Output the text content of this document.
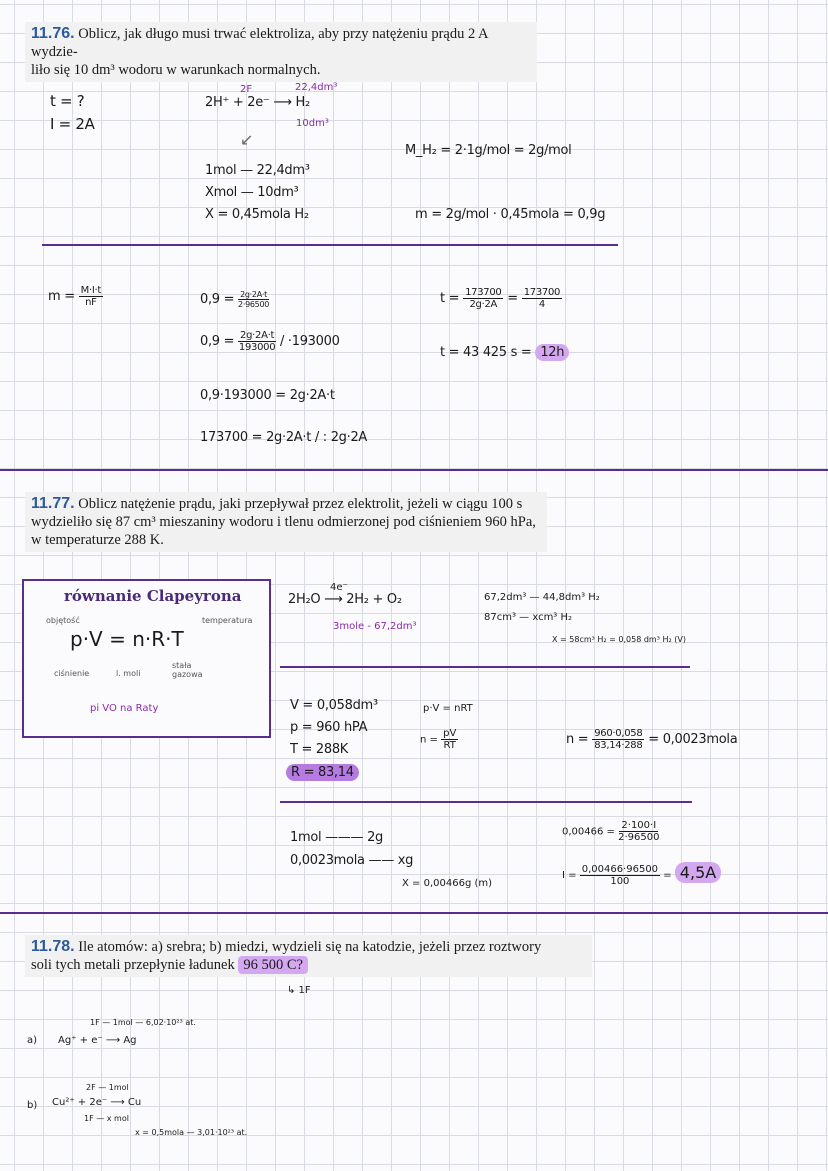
11.76. Oblicz, jak długo musi trwać elektroliza, aby przy natężeniu prądu 2 A wydzie-
liło się 10 dm³ wodoru w warunkach normalnych.
t = ?
I = 2A
2F	22,4dm³
2H⁺ + 2e⁻ ⟶ H₂
10dm³
↙
1mol — 22,4dm³
Xmol — 10dm³
X = 0,45mola H₂
M_H₂ = 2·1g/mol = 2g/mol
m = 2g/mol · 0,45mola = 0,9g
$m = \frac{M\cdot I\cdot t}{nF}$	$0,9 = \frac{2g\cdot 2A\cdot t}{2\cdot 96500}$
$0,9 = \frac{2g\cdot 2A\cdot t}{193000} / \cdot 193000$
0,9·193000 = 2g·2A·t
173700 = 2g·2A·t / : 2g·2A
$t = \frac{173700}{2g\cdot 2A} = \frac{173700}{4}$
t = 43 425 s = 12h
11.77. Oblicz natężenie prądu, jaki przepływał przez elektrolit, jeżeli w ciągu 100 s
wydzieliło się 87 cm³ mieszaniny wodoru i tlenu odmierzonej pod ciśnieniem 960 hPa,
w temperaturze 288 K.
równanie Clapeyrona
objętość	temperatura
p·V = n·R·T
ciśnienie	l. moli
stała gazowa
pi VO na Raty
4e⁻
2H₂O ⟶ 2H₂ + O₂
3mole - 67,2dm³
67,2dm³ — 44,8dm³ H₂
87cm³ — xcm³ H₂
X = 58cm³ H₂ = 0,058 dm³ H₂ (V)
V = 0,058dm³
p = 960 hPA
T = 288K
R = 83,14
p·V = nRT
$n = \frac{pV}{RT}$	$n = \frac{960\cdot 0,058}{83,14\cdot 288}$ = 0,0023mola
1mol ——— 2g
0,0023mola —— xg
X = 0,00466g (m)
$0,00466 = \frac{2\cdot 100\cdot I}{2\cdot 96500}$
$I = \frac{0,00466\cdot 96500}{100} = 4,5A$
11.78. Ile atomów: a) srebra; b) miedzi, wydzieli się na katodzie, jeżeli przez roztwory
soli tych metali przepłynie ładunek 96 500 C?
↳ 1F
a)
1F — 1mol — 6,02·10²³ at.
Ag⁺ + e⁻ ⟶ Ag
b)
2F — 1mol
Cu²⁺ + 2e⁻ ⟶ Cu
1F — x mol
x = 0,5mola — 3,01·10²³ at.
